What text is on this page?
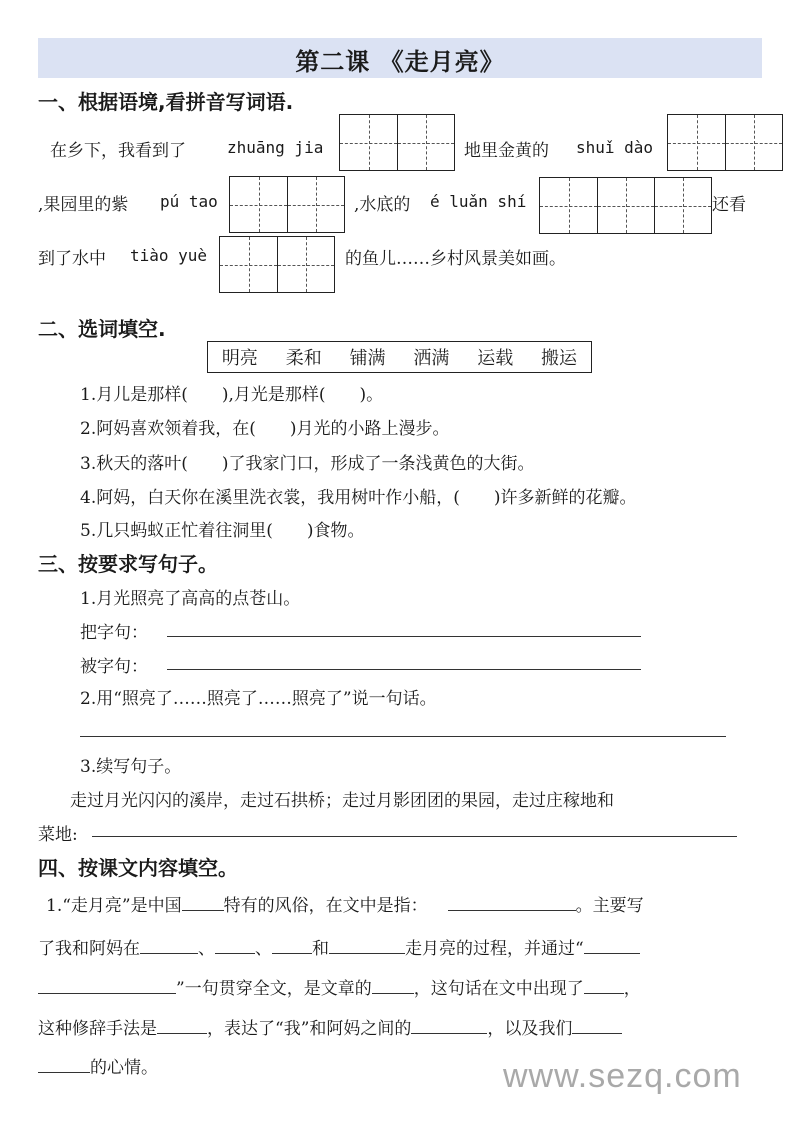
第二课 《走月亮》
一、根据语境,看拼音写词语.
在乡下，我看到了	zhuāng jia	地里金黄的 shuǐ dào
,果园里的紫 pú tao	,水底的 é luǎn shí	还看
到了水中 tiào yuè	的鱼儿……乡村风景美如画。
二、选词填空.
明亮 柔和 铺满 洒满 运载 搬运
1.月儿是那样(　　),月光是那样(　　)。
2.阿妈喜欢领着我，在(　　)月光的小路上漫步。
3.秋天的落叶(　　)了我家门口，形成了一条浅黄色的大街。
4.阿妈，白天你在溪里洗衣裳，我用树叶作小船，(　　)许多新鲜的花瓣。
5.几只蚂蚁正忙着往洞里(　　)食物。
三、按要求写句子。
1.月光照亮了高高的点苍山。
把字句：
被字句：
2.用“照亮了……照亮了……照亮了”说一句话。
3.续写句子。
走过月光闪闪的溪岸，走过石拱桥；走过月影团团的果园，走过庄稼地和
菜地:
四、按课文内容填空。
1.“走月亮”是中国 特有的风俗，在文中是指：	。主要写
了我和阿妈在	、 、 和	走月亮的过程，并通过“
”一句贯穿全文，是文章的 ，这句话在文中出现了 ，
这种修辞手法是	，表达了“我”和阿妈之间的	，以及我们
的心情。	www.sezq.com
